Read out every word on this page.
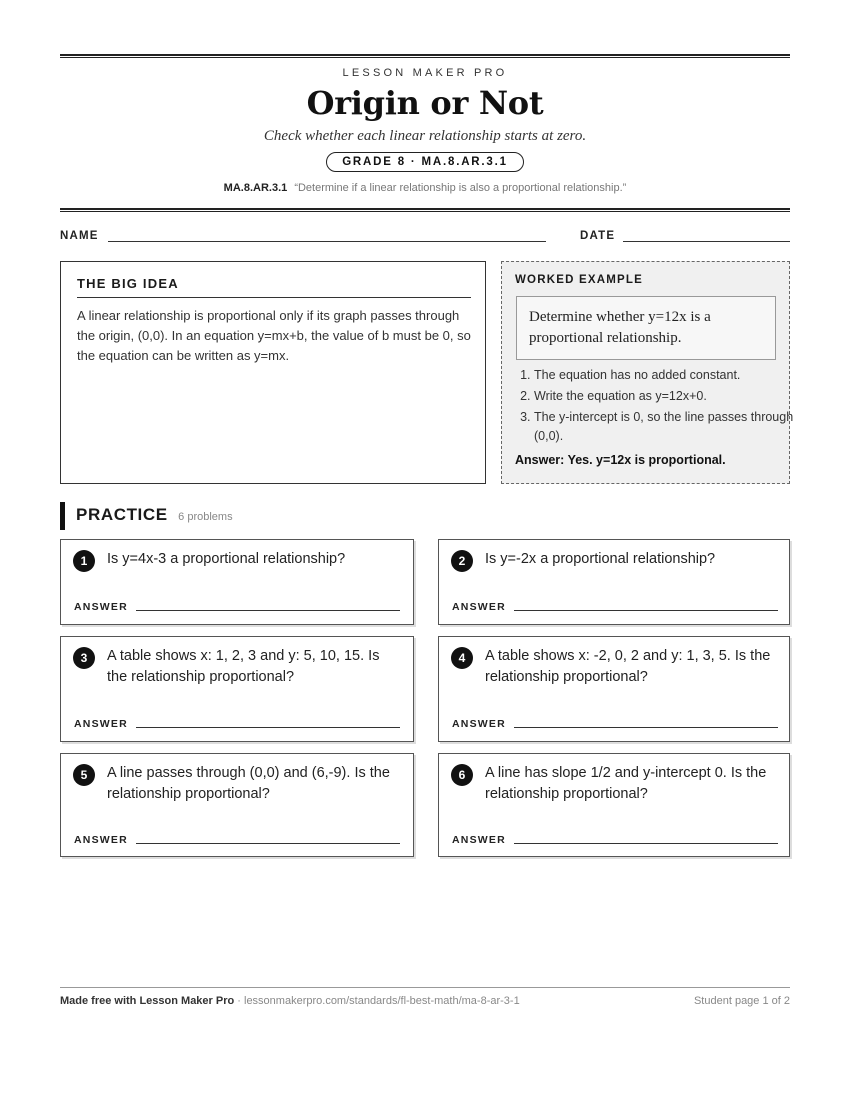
LESSON MAKER PRO
Origin or Not
Check whether each linear relationship starts at zero.
GRADE 8 · MA.8.AR.3.1
MA.8.AR.3.1 “Determine if a linear relationship is also a proportional relationship.”
NAME	DATE
THE BIG IDEA
A linear relationship is proportional only if its graph passes through the origin, (0,0). In an equation y=mx+b, the value of b must be 0, so the equation can be written as y=mx.
WORKED EXAMPLE
Determine whether y=12x is a proportional relationship.
1. The equation has no added constant.
2. Write the equation as y=12x+0.
3. The y-intercept is 0, so the line passes through (0,0).
Answer: Yes. y=12x is proportional.
PRACTICE 6 problems
1	Is y=4x-3 a proportional relationship?
ANSWER
2	Is y=-2x a proportional relationship?
ANSWER
3	A table shows x: 1, 2, 3 and y: 5, 10, 15. Is the relationship proportional?
ANSWER
4	A table shows x: -2, 0, 2 and y: 1, 3, 5. Is the relationship proportional?
ANSWER
5	A line passes through (0,0) and (6,-9). Is the relationship proportional?
ANSWER
6	A line has slope 1/2 and y-intercept 0. Is the relationship proportional?
ANSWER
Made free with Lesson Maker Pro · lessonmakerpro.com/standards/fl-best-math/ma-8-ar-3-1	Student page 1 of 2
